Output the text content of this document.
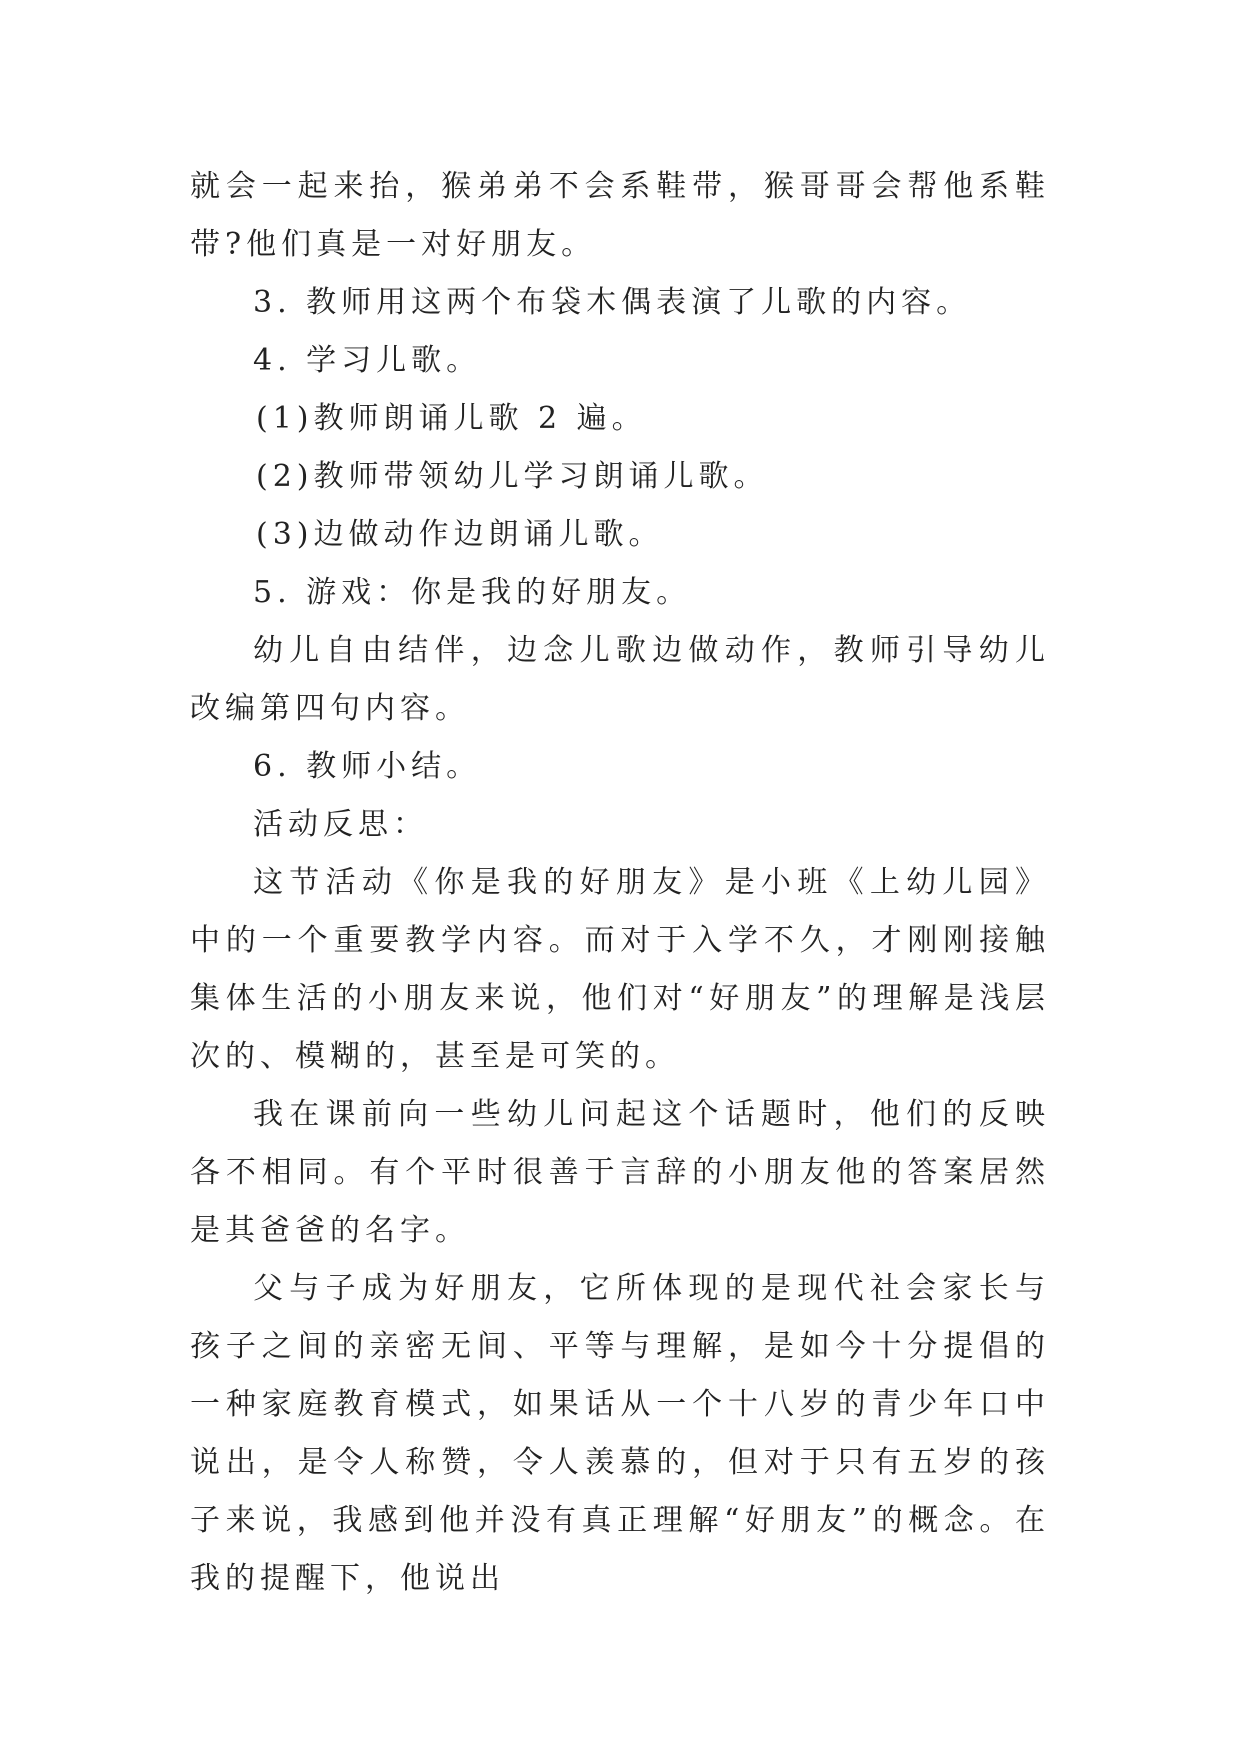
就会一起来抬，猴弟弟不会系鞋带，猴哥哥会帮他系鞋带?他们真是一对好朋友。

3. 教师用这两个布袋木偶表演了儿歌的内容。

4. 学习儿歌。

(1)教师朗诵儿歌 2 遍。

(2)教师带领幼儿学习朗诵儿歌。

(3)边做动作边朗诵儿歌。

5. 游戏：你是我的好朋友。

幼儿自由结伴，边念儿歌边做动作，教师引导幼儿改编第四句内容。

6. 教师小结。

活动反思：

这节活动《你是我的好朋友》是小班《上幼儿园》中的一个重要教学内容。而对于入学不久，才刚刚接触集体生活的小朋友来说，他们对“好朋友”的理解是浅层次的、模糊的，甚至是可笑的。

我在课前向一些幼儿问起这个话题时，他们的反映各不相同。有个平时很善于言辞的小朋友他的答案居然是其爸爸的名字。

父与子成为好朋友，它所体现的是现代社会家长与孩子之间的亲密无间、平等与理解，是如今十分提倡的一种家庭教育模式，如果话从一个十八岁的青少年口中说出，是令人称赞，令人羡慕的，但对于只有五岁的孩子来说，我感到他并没有真正理解“好朋友”的概念。在我的提醒下，他说出
